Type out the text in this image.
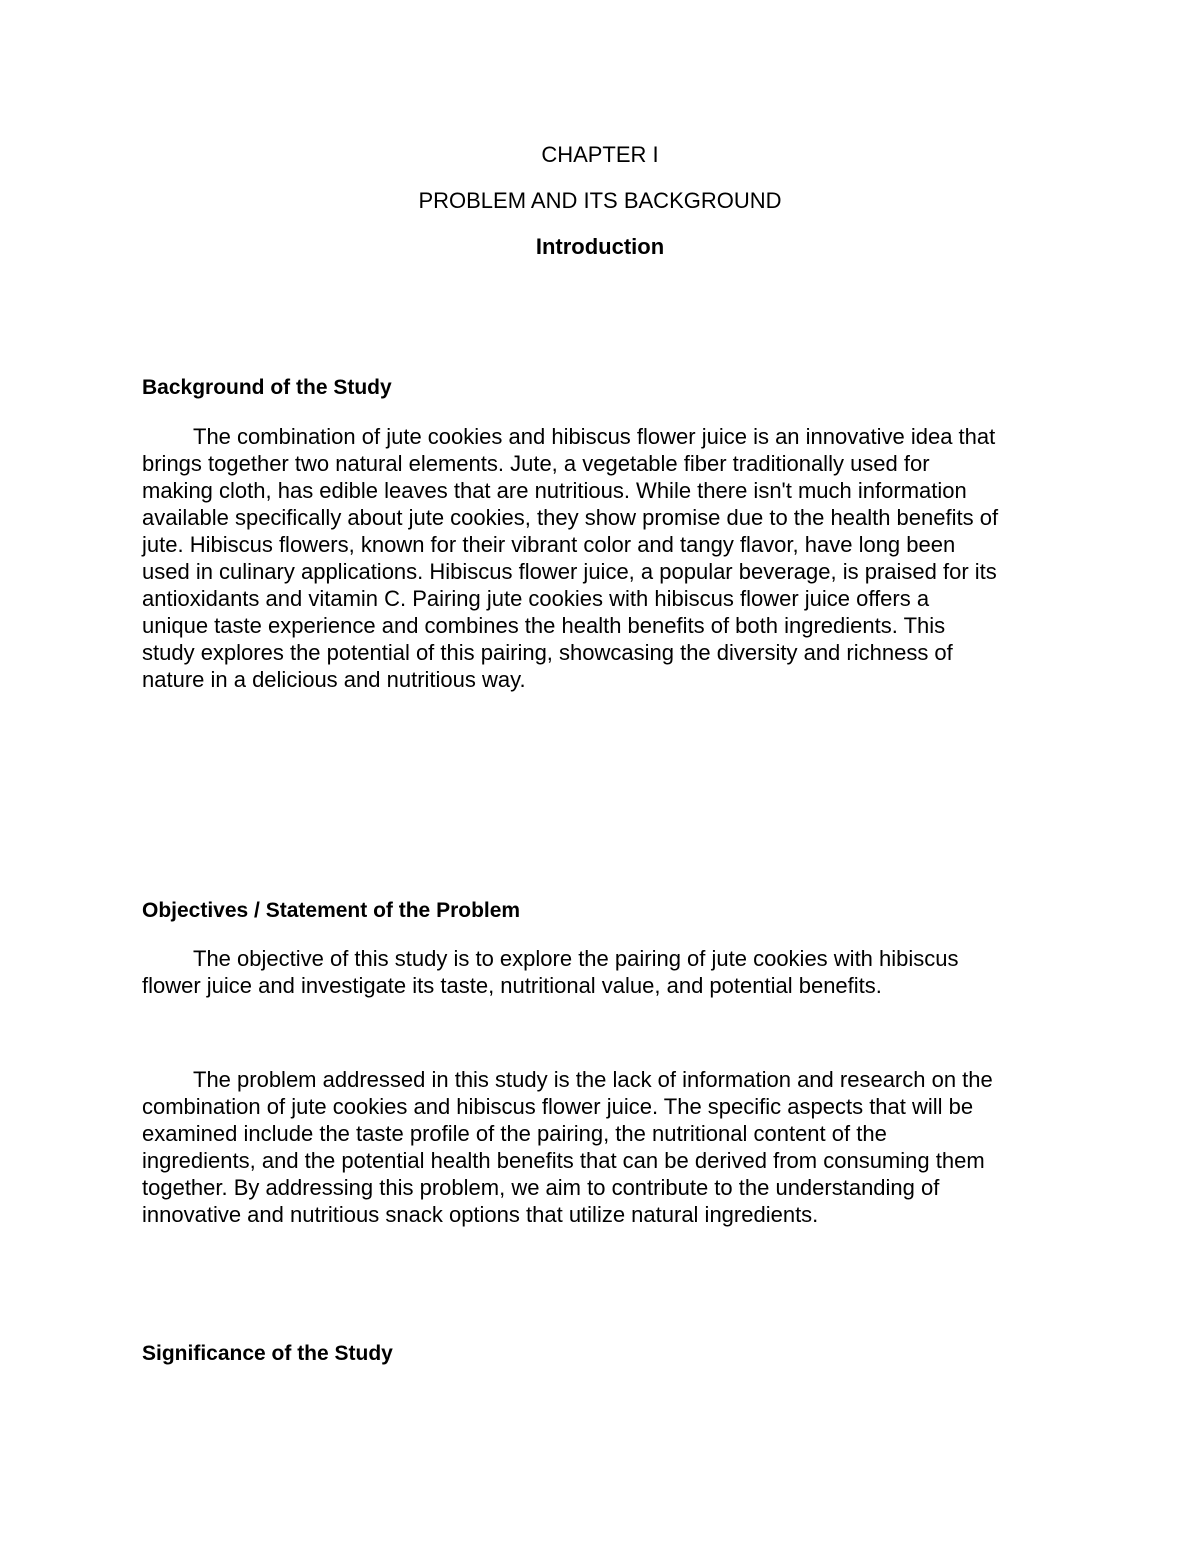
CHAPTER I

PROBLEM AND ITS BACKGROUND

Introduction

Background of the Study

The combination of jute cookies and hibiscus flower juice is an innovative idea that
brings together two natural elements. Jute, a vegetable fiber traditionally used for
making cloth, has edible leaves that are nutritious. While there isn't much information
available specifically about jute cookies, they show promise due to the health benefits of
jute. Hibiscus flowers, known for their vibrant color and tangy flavor, have long been
used in culinary applications. Hibiscus flower juice, a popular beverage, is praised for its
antioxidants and vitamin C. Pairing jute cookies with hibiscus flower juice offers a
unique taste experience and combines the health benefits of both ingredients. This
study explores the potential of this pairing, showcasing the diversity and richness of
nature in a delicious and nutritious way.

Objectives / Statement of the Problem

The objective of this study is to explore the pairing of jute cookies with hibiscus
flower juice and investigate its taste, nutritional value, and potential benefits.
The problem addressed in this study is the lack of information and research on the
combination of jute cookies and hibiscus flower juice. The specific aspects that will be
examined include the taste profile of the pairing, the nutritional content of the
ingredients, and the potential health benefits that can be derived from consuming them
together. By addressing this problem, we aim to contribute to the understanding of
innovative and nutritious snack options that utilize natural ingredients.

Significance of the Study
